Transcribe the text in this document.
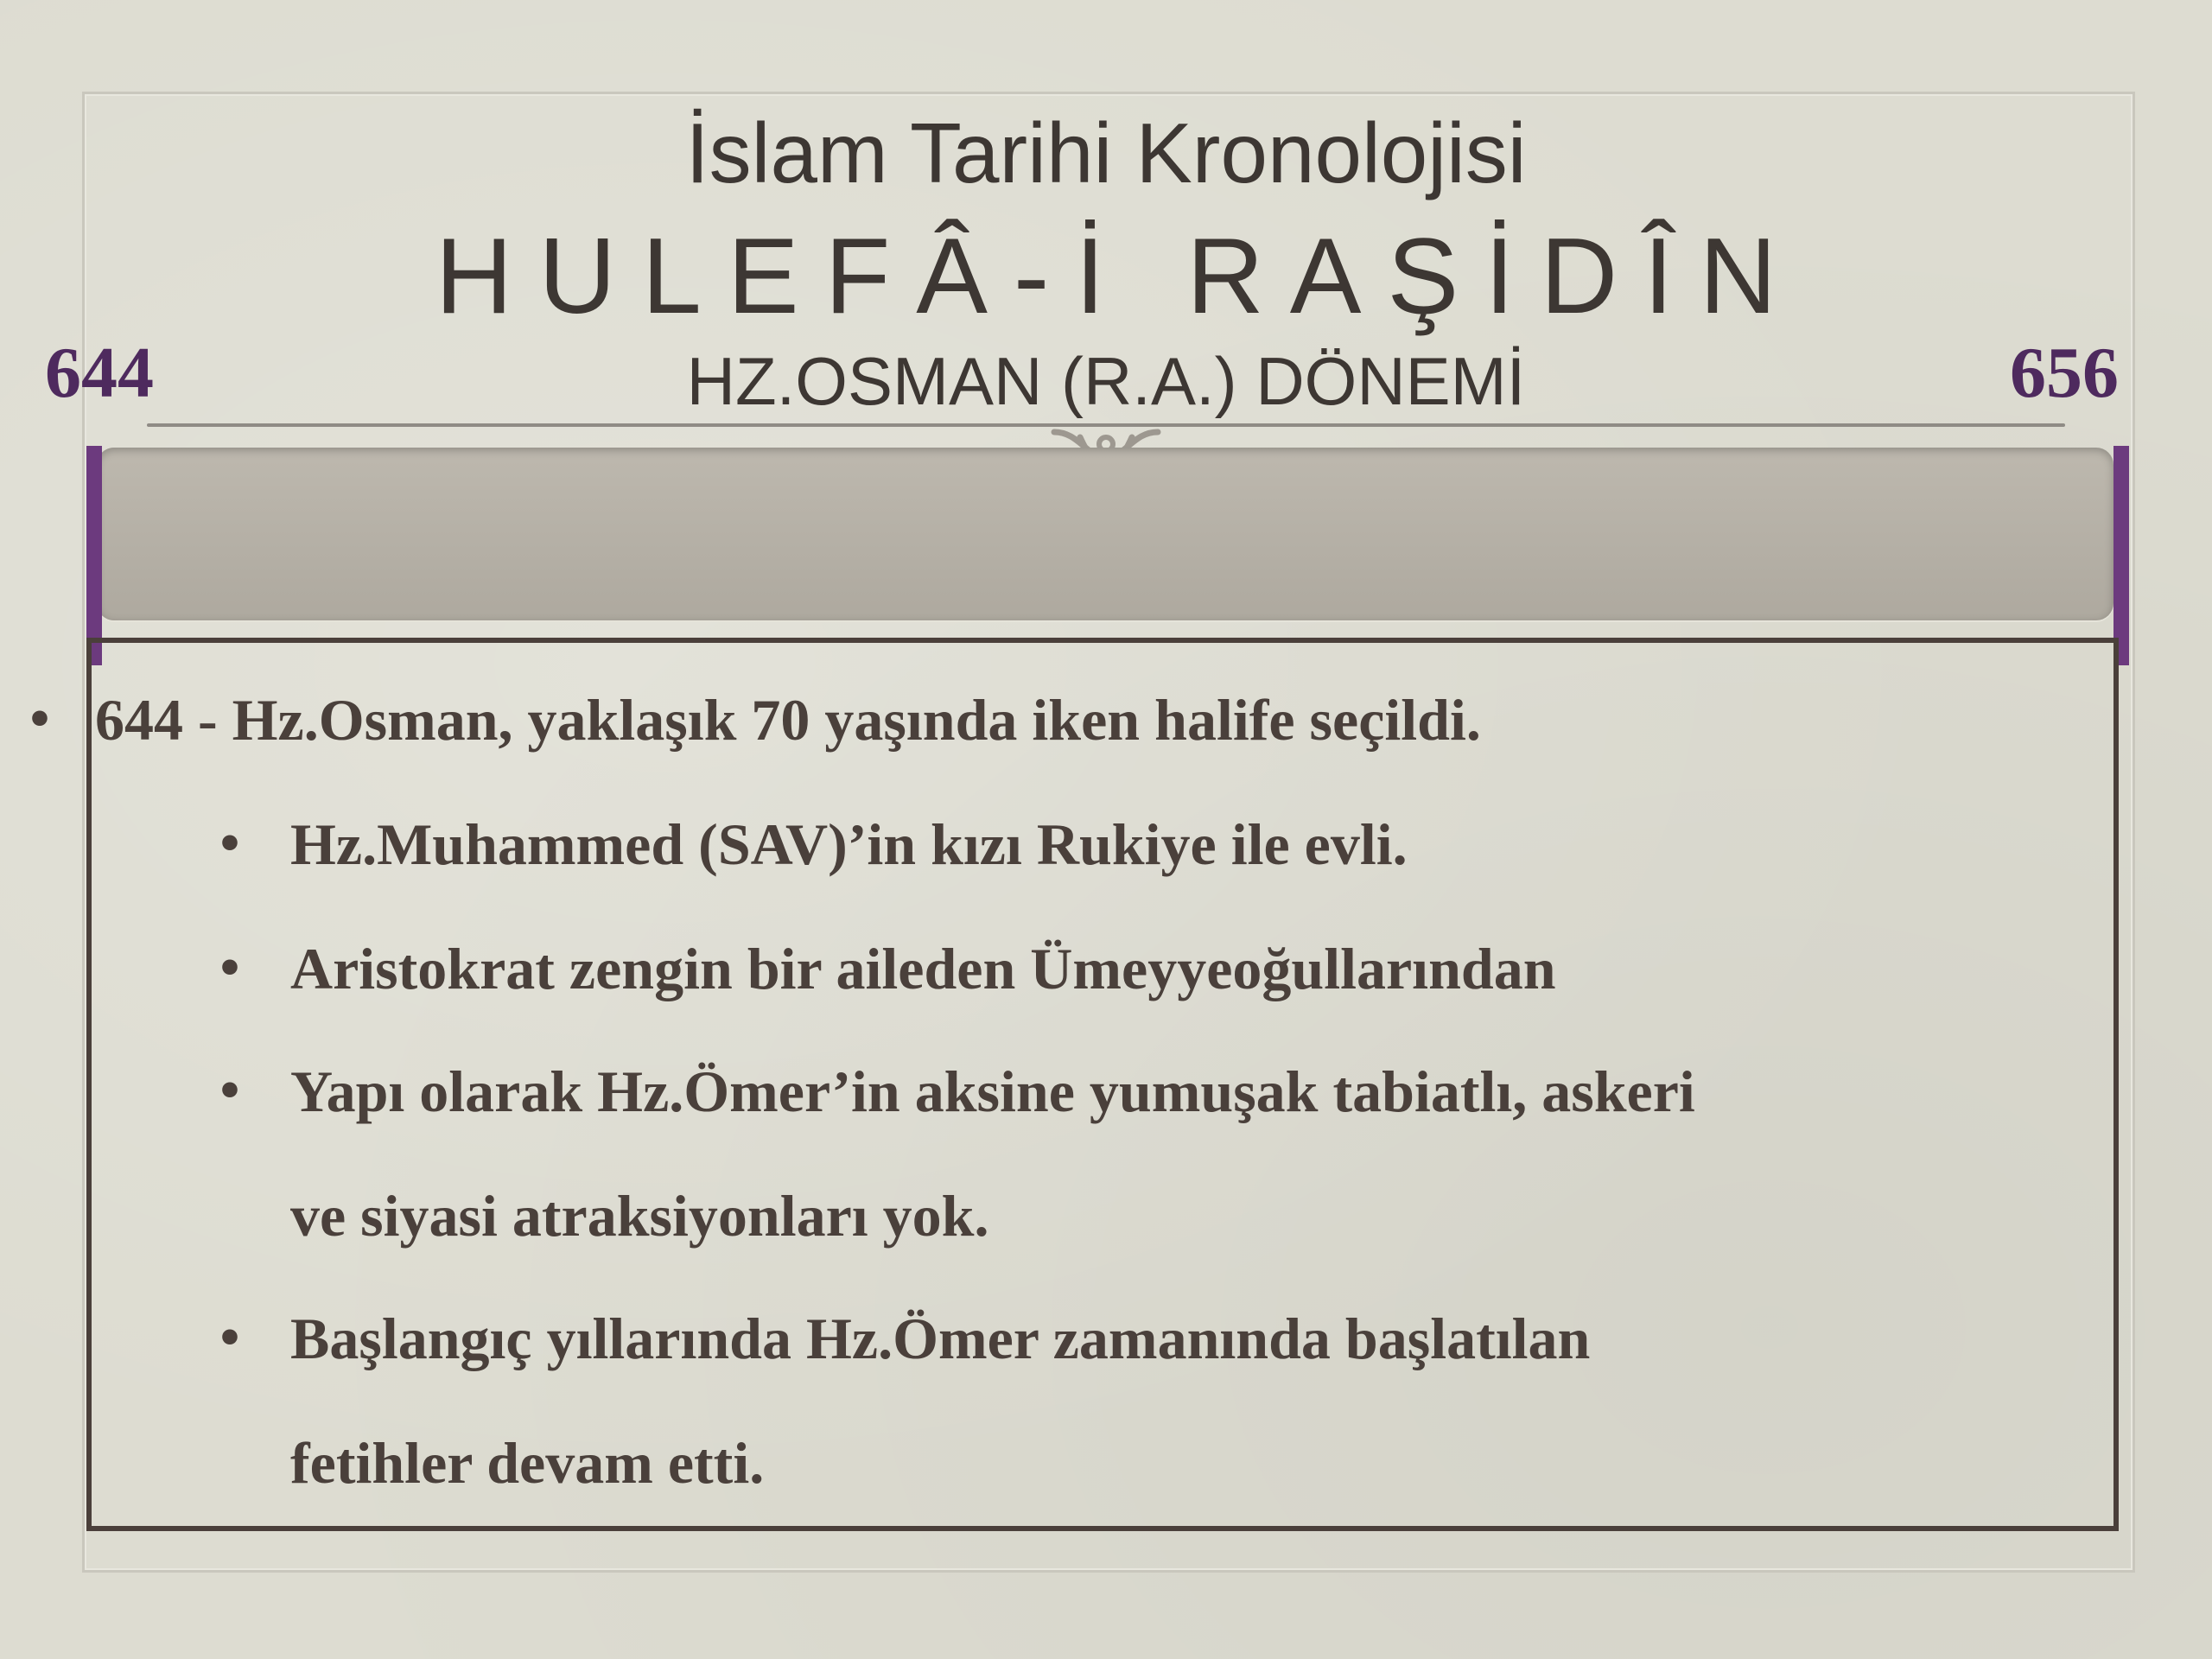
İslam Tarihi Kronolojisi
HULEFÂ-İ RAŞİDÎN
HZ.OSMAN (R.A.) DÖNEMİ
644	656
• 644 - Hz.Osman, yaklaşık 70 yaşında iken halife seçildi.
• Hz.Muhammed (SAV)’in kızı Rukiye ile evli.
• Aristokrat zengin bir aileden Ümeyyeoğullarından
• Yapı olarak Hz.Ömer’in aksine yumuşak tabiatlı, askeri
ve siyasi atraksiyonları yok.
• Başlangıç yıllarında Hz.Ömer zamanında başlatılan
fetihler devam etti.
